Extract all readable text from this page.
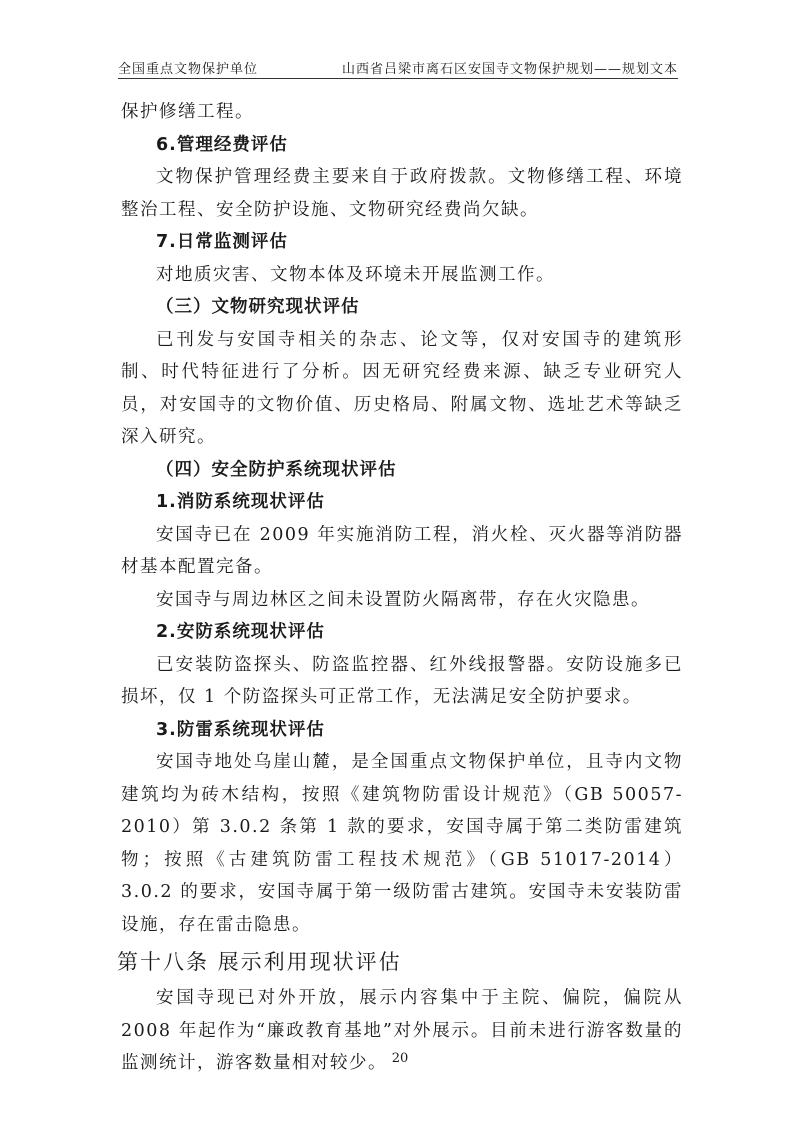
全国重点文物保护单位	山西省吕梁市离石区安国寺文物保护规划——规划文本

保护修缮工程。

6.管理经费评估

文物保护管理经费主要来自于政府拨款。文物修缮工程、环境整治工程、安全防护设施、文物研究经费尚欠缺。

7.日常监测评估

对地质灾害、文物本体及环境未开展监测工作。

（三）文物研究现状评估

已刊发与安国寺相关的杂志、论文等，仅对安国寺的建筑形制、时代特征进行了分析。因无研究经费来源、缺乏专业研究人员，对安国寺的文物价值、历史格局、附属文物、选址艺术等缺乏深入研究。

（四）安全防护系统现状评估

1.消防系统现状评估

安国寺已在 2009 年实施消防工程，消火栓、灭火器等消防器材基本配置完备。

安国寺与周边林区之间未设置防火隔离带，存在火灾隐患。

2.安防系统现状评估

已安装防盗探头、防盗监控器、红外线报警器。安防设施多已损坏，仅 1 个防盗探头可正常工作，无法满足安全防护要求。

3.防雷系统现状评估

安国寺地处乌崖山麓，是全国重点文物保护单位，且寺内文物建筑均为砖木结构，按照《建筑物防雷设计规范》（GB 50057-2010）第 3.0.2 条第 1 款的要求，安国寺属于第二类防雷建筑物；按照《古建筑防雷工程技术规范》（GB 51017-2014）3.0.2 的要求，安国寺属于第一级防雷古建筑。安国寺未安装防雷设施，存在雷击隐患。

第十八条 展示利用现状评估

安国寺现已对外开放，展示内容集中于主院、偏院，偏院从 2008 年起作为“廉政教育基地”对外展示。目前未进行游客数量的监测统计，游客数量相对较少。 20
